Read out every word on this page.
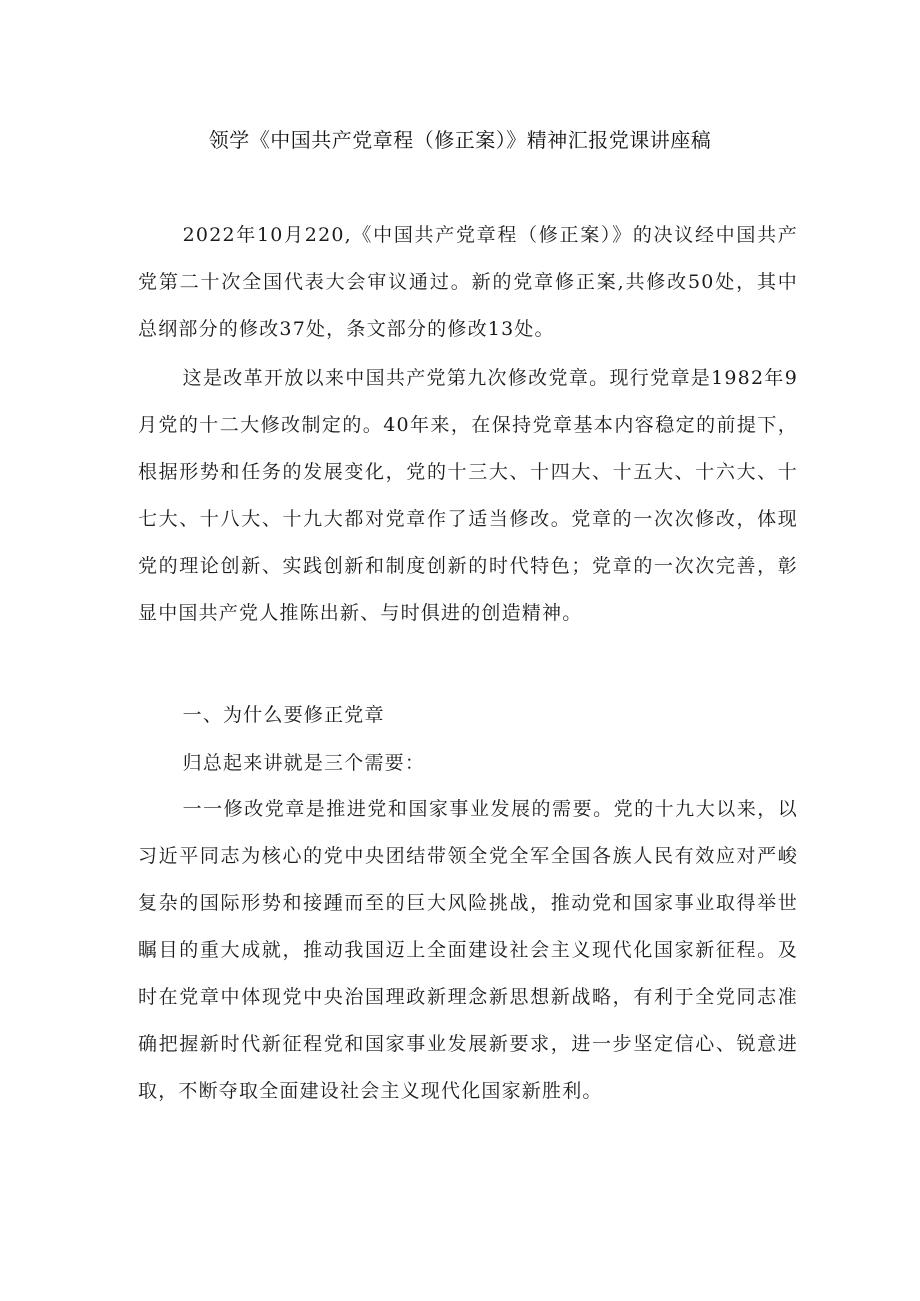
领学《中国共产党章程（修正案）》精神汇报党课讲座稿

2022年10月220,《中国共产党章程（修正案）》的决议经中国共产党第二十次全国代表大会审议通过。新的党章修正案,共修改50处，其中总纲部分的修改37处，条文部分的修改13处。

这是改革开放以来中国共产党第九次修改党章。现行党章是1982年9月党的十二大修改制定的。40年来，在保持党章基本内容稳定的前提下，根据形势和任务的发展变化，党的十三大、十四大、十五大、十六大、十七大、十八大、十九大都对党章作了适当修改。党章的一次次修改，体现党的理论创新、实践创新和制度创新的时代特色；党章的一次次完善，彰显中国共产党人推陈出新、与时俱进的创造精神。

一、为什么要修正党章

归总起来讲就是三个需要：

一一修改党章是推进党和国家事业发展的需要。党的十九大以来，以习近平同志为核心的党中央团结带领全党全军全国各族人民有效应对严峻复杂的国际形势和接踵而至的巨大风险挑战，推动党和国家事业取得举世瞩目的重大成就，推动我国迈上全面建设社会主义现代化国家新征程。及时在党章中体现党中央治国理政新理念新思想新战略，有利于全党同志准确把握新时代新征程党和国家事业发展新要求，进一步坚定信心、锐意进取，不断夺取全面建设社会主义现代化国家新胜利。
